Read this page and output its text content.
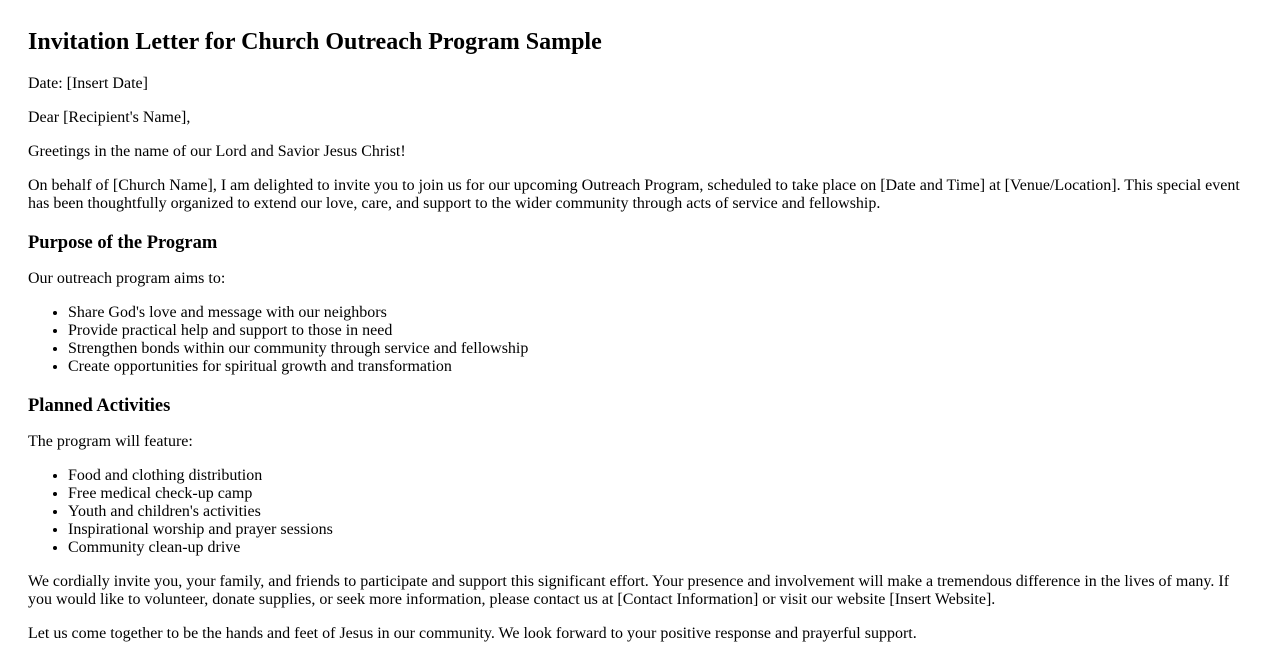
Invitation Letter for Church Outreach Program Sample

Date: [Insert Date]

Dear [Recipient's Name],

Greetings in the name of our Lord and Savior Jesus Christ!

On behalf of [Church Name], I am delighted to invite you to join us for our upcoming Outreach Program, scheduled to take place on [Date and Time] at [Venue/Location]. This special event has been thoughtfully organized to extend our love, care, and support to the wider community through acts of service and fellowship.

Purpose of the Program

Our outreach program aims to:

• Share God's love and message with our neighbors
• Provide practical help and support to those in need
• Strengthen bonds within our community through service and fellowship
• Create opportunities for spiritual growth and transformation
Planned Activities

The program will feature:

• Food and clothing distribution
• Free medical check-up camp
• Youth and children's activities
• Inspirational worship and prayer sessions
• Community clean-up drive

We cordially invite you, your family, and friends to participate and support this significant effort. Your presence and involvement will make a tremendous difference in the lives of many. If you would like to volunteer, donate supplies, or seek more information, please contact us at [Contact Information] or visit our website [Insert Website].

Let us come together to be the hands and feet of Jesus in our community. We look forward to your positive response and prayerful support.
